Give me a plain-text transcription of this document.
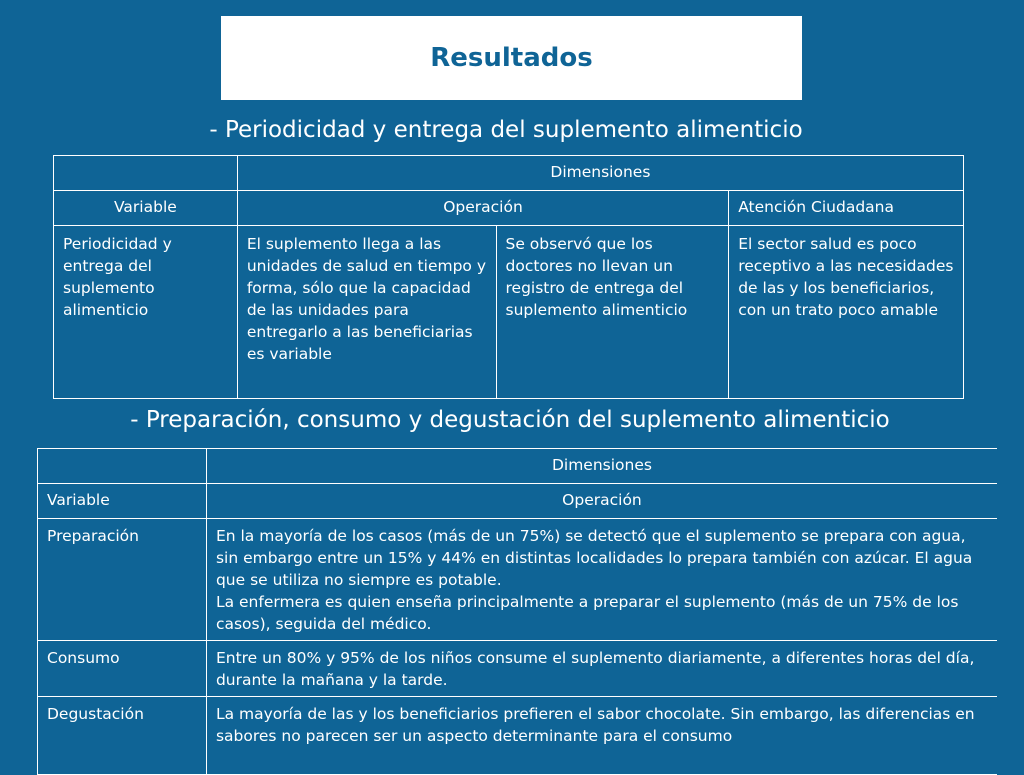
Resultados
- Periodicidad y entrega del suplemento alimenticio
	Dimensiones		
Variable	Operación		Atención Ciudadana
Periodicidad y entrega del suplemento alimenticio	El suplemento llega a las unidades de salud en tiempo y forma, sólo que la capacidad de las unidades para entregarlo a las beneficiarias es variable	Se observó que los doctores no llevan un registro de entrega del suplemento alimenticio	El sector salud es poco receptivo a las necesidades de las y los beneficiarios, con un trato poco amable
- Preparación, consumo y degustación del suplemento alimenticio
	Dimensiones
Variable	Operación
Preparación	En la mayoría de los casos (más de un 75%) se detectó que el suplemento se prepara con agua, sin embargo entre un 15% y 44% en distintas localidades lo prepara también con azúcar. El agua que se utiliza no siempre es potable.
La enfermera es quien enseña principalmente a preparar el suplemento (más de un 75% de los casos), seguida del médico.
Consumo	Entre un 80% y 95% de los niños consume el suplemento diariamente, a diferentes horas del día, durante la mañana y la tarde.
Degustación	La mayoría de las y los beneficiarios prefieren el sabor chocolate. Sin embargo, las diferencias en sabores no parecen ser un aspecto determinante para el consumo
